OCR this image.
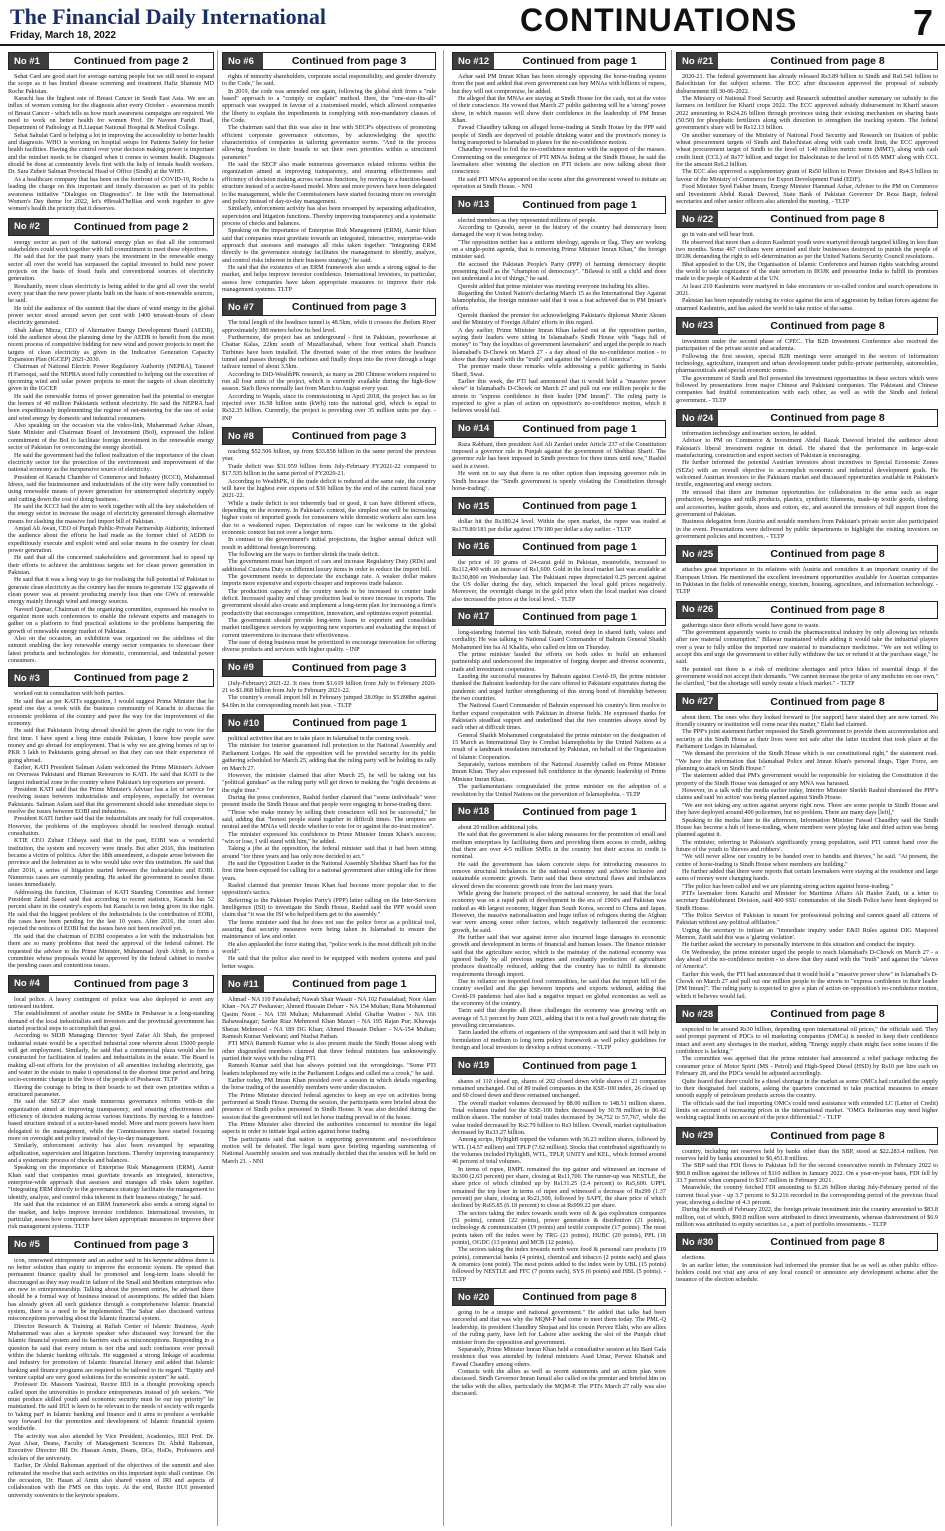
The Financial Daily International
Friday, March 18, 2022	CONTINUATIONS	7
No #1	Continued from page 2

Sehat Card are good start for average earning people but we still need to expand the scope as it has limited disease screening and treatment Hafiz Shamsie MD Roche Pakistan.

Karachi has the highest rate of Breast Cancer in South East Asia. We see an influx of women coming for the diagnosis after every October - awareness month of Breast Cancer - which tells us how much awareness campaigns are required. We need to work on better health for women Prof. Dr Naveen Faridi Head, Department of Pathology at H.Liaquat National Hospital & Medical College.

Sehat Sahulat Card is helping a lot in improving the accessibility to better health and diagnosis. WHO is working on hospital setups for Patients Safety for better health facilities. Having the control over your decision making power is important and the mindset needs to be changed when it comes to women health. Diagnosis should be done at community levels first with the help of female health workers. Dr. Sara Zubeir Salman Provincial Head of Office (Sindh) at the WHO.

As a healthcare company that has been on the forefront of COVID-19, Roche is leading the charge on this important and timely discussion as part of its public awareness initiative "Dialogue on Diagnostics". In line with the International Women's Day theme for 2022, let's #BreakTheBias and work together to give women's health the priority that it deserves.

No #2	Continued from page 2

energy sector as part of the national energy plan so that all the concerned stakeholders could work together with full commitment to meet these objectives.

He said that for the past many years the investment in the renewable energy sector all over the world has surpassed the capital invested to build new power projects on the basis of fossil fuels and conventional sources of electricity generation.

Resultantly, more clean electricity is being added to the grid all over the world every year than the new power plants built on the basis of non-renewable sources, he said.

He told the audience of the summit that the share of wind energy in the global power sector stood around seven per cent with 1400 terawatt-hours of clean electricity generated.

Shah Jahan Mirza, CEO of Alternative Energy Development Board (AEDB), told the audience about the planning done by the AEDB to benefit from the most recent process of competitive bidding for new wind and power projects to meet the targets of clean electricity as given in the Indicative Generation Capacity Expansion Plan (IGCEP) 2021-2030.

Chairman of National Electric Power Regulatory Authority (NEPRA), Tauseef H Farooqui, said the NEPRA stood fully committed to helping out the execution of upcoming wind and solar power projects to meet the targets of clean electricity given in the IGCEP.

He said the renewable forms of power generation had the potential to energize the homes of 40 million Pakistanis without electricity. He said the NEPRA had been expeditiously implementing the regime of net-metering for the use of solar and wind energy by domestic and industrial consumers.

Also speaking on the occasion via the video-link, Muhammad Azhar Ahsan, State Minister and Chairman Board of Investment (BoI), expressed the fullest commitment of the BoI to facilitate foreign investment in the renewable energy sector of Pakistan for overcoming the energy shortfall.

He said the government had the fullest realization of the importance of the clean electricity sector for the protection of the environment and improvement of the national economy as the inexpensive source of electricity.

President of Karachi Chamber of Commerce and Industry (KCCI), Muhammad Idrees, said the businessmen and industrialists of the city were fully committed to using renewable means of power generation for uninterrupted electricity supply and cutting down the cost of doing business.

He said the KCCI had the aim to work together with all the key stakeholders of the energy sector to increase the usage of electricity generated through alternative means for slashing the massive fuel import bill of Pakistan.

Amjad Ali Awan, CEO of Punjab Public-Private Partnership Authority, informed the audience about the efforts he had made as the former chief of AEDB to expeditiously execute and exploit wind and solar means in the country for clean power generation.

He said that all the concerned stakeholders and government had to speed up their efforts to achieve the ambitious targets set for clean power generation in Pakistan.

He said that it was a long way to go for realising the full potential of Pakistan to generate clean electricity as the country has the means to generate 132 gigawatts of clean power was at present producing merely less than one GWs of renewable energy mainly through wind and energy sources.

Naveed Qamar, Chairman of the organizing committee, expressed his resolve to organize more such conferences to enable the relevant experts and managers to gather on a platform to find practical solutions to the problems hampering the growth of renewable energy market of Pakistan.

Also on the occasion, an exhibition was organized on the sidelines of the summit enabling the key renewable energy sector companies to showcase their latest products and technologies for domestic, commercial, and industrial power consumers.

No #3	Continued from page 2

worked out in consultation with both parties.

He said that as per KATI's suggestion, I would suggest Prime Minister that he spend one day a week with the business community of Karachi to discuss the economic problems of the country and pave the way for the improvement of the economy.

He said that Pakistanis living abroad should be given the right to vote for the first time. I have spent a long time outside Pakistan, I know how people save money and go abroad for employment. That is why we are giving homes of up to PKR 3 lakh to Pakistanis going abroad so that they can use their experience of going abroad.

Earlier, KATI President Salman Aslam welcomed the Prime Minister's Adviser on Overseas Pakistani and Human Resources to KATI. He said that KATI is the largest industrial zone in the country where Pakistan's top exporters are present.

President KATI said that the Prime Minister's Adviser has a lot of service for resolving issues between industrialists and employees, especially for overseas Pakistanis. Salman Aslam said that the government should take immediate steps to resolve the issues between EOBI and industries.

President KATI further said that the industrialists are ready for full cooperation. However, the problems of the employees should be resolved through mutual consultation.

KTIE CEO Zubair Chhaya said that in the past, EOBI was a wonderful institution, the system and recovery were timely. But after 2016, this institution became a victim of politics. After the 18th amendment, a dispute arose between the province and the federation as to who would take over this institution. He said that after 2016, a series of litigation started between the industrialists and EOBI. Numerous cases are currently pending. He asked the government to resolve these issues immediately.

Addressing the function, Chairman of KATI Standing Committee and former President Zahid Saeed said that according to recent statistics, Karachi has 52 percent share in the country's exports but Karachi is not being given its due right. He said that the biggest problem of the industrialists is the contribution of EOBI, the cases have been pending for the last 10 years. After 2016, the court also rejected the notices of EOBI but the issues have not been resolved yet.

He said that the chairman of EOBI cooperates a lot with the industrialists but there are so many problems that need the approval of the federal cabinet. He requested the advisor to the Prime Minister, Muhammad Ayub Afridi, to form a committee whose proposals would be approved by the federal cabinet to resolve the pending cases and contentious issues.

No #4	Continued from page 3

local police. A heavy contingent of police was also deployed to avert any untoward incident.

The establishment of another estate for SMEs in Peshawar is a long-standing demand of the local industrialists and investors and the provincial government has started practical steps to accomplish that goal.

According to SIDB Managing Director Syed Zafar Ali Shah, the proposed industrial estate would be a specified industrial zone wherein about 15000 people will get employment. Similarly, he said that a commercial plaza would also be constructed for facilitation of traders and industrialists in the estate. The Board is making all-out efforts for the provision of all amenities including electricity, gas and water in the estate to make it operational in the shortest time period and bring socio-economic change in the lives of the people of Peshawar. TLTP

Having the courage to bring in their boards to set their own priorities within a structured parameter.

He said the SECP also made numerous governance reforms with-in the organization aimed at improving transparency, and ensuring effectiveness and efficiency of decision making across various functions. By moving to a function-based structure instead of a sector-based model. More and more powers have been delegated to the management, while the Commissioners have started focusing more on oversight and policy instead of day-to-day management.

Similarly, enforcement activity has also been revamped by separating adjudication, supervision and litigation functions. Thereby improving transparency and a systematic process of checks and balances.

Speaking on the importance of Enterprise Risk Management (ERM), Aamir Khan said that companies must gravitate towards an integrated, interactive, enterprise-wide approach that assesses and manages all risks taken together. "Integrating ERM directly to the governance strategy facilitates the management to identify, analyze, and control risks inherent in their business strategy," he said.

He said that the existence of an ERM framework also sends a strong signal to the market, and helps improve investor confidence. International investors, in particular, assess how companies have taken appropriate measures to improve their risk management systems. TLTP

No #5	Continued from page 3

icon, renowned entrepreneur and an author said in his keynote address there is no better solution than equity to improve the economic system. He opined that permanent finance quality shall be promoted and long-term loans should be discouraged as they may result in failure of the Small and Medium enterprises who are new to entrepreneurship. Talking about the present entries, he advised there should be a formal way of business instead of assumptions. He added that Islam has already given all such guidance through a comprehensive Islamic financial system, there is a need to be implemented. The Sahar also discussed various misconceptions prevailing about the Islamic financial system.

Director Research & Training at Rafiah Center of Islamic Business, Ayub Muhammad was also a keynote speaker who discussed way forward for the Islamic financial system and its barriers such as misconceptions. Responding to a question he said that every return is not riba and such confusions over prevail within the Islamic banking officials. He suggested a strong linkage of academia and industry for promotion of Islamic financial literacy and added that Islamic banking and finance programs are required to be tailored to its regard. "Equity and venture capital are very good solutions for the economic system" he said.

Professor Dr. Masoom Yasinzai, Rector IIUI in a thought provoking speech called upon the universities to produce entrepreneurs instead of job seekers. "We must produce skilled youth and economic security must be our top priority" he maintained. He said IIUI is keen to be relevant to the needs of society with regards to 'taking part' in Islamic banking and finance and it aims to produce a workable way forward for the promotion and development of Islamic financial system worldwide.

The activity was also attended by Vice President, Academics, IIUI Prof. Dr. Ayaz Afsar, Deans, Faculty of Management Sciences Dr. Abdul Rahoman, Executive Director IRI Dr. Hassan Amin, Deans, DGs, HoDs, Professors and scholars of the university.

Earlier, Dr Abdul Rahoman apprised of the objectives of the summit and also reiterated the resolve that such activities on this important topic shall continue. On the occasion, Dr. Hasan al Amin also shared vision of IRI and aspects of collaboration with the FMS on this topic. At the end, Rector IIUI presented university souvenirs to the keynote speakers.

No #6	Continued from page 3

rights of minority shareholders, corporate social responsibility, and gender diversity to the Code," he said.

In 2019, the code was amended one again, following the global shift from a "rule based" approach to a "comply or explain" method. Here, the "one-size-fits-all" approach was swapped in favour of a customised model, which allowed companies the liberty to explain the impediments in complying with non-mandatory clauses of the Code.

The chairman said that this was also in line with SECP's objectives of promoting efficient corporate governance outcomes, by acknowledging the specific characteristics of companies in tailoring governance norms. "And in the process allowing freedom to their boards to set their own priorities within a structured parameter."

He said the SECP also made numerous governance related reforms within the organization aimed at improving transparency, and ensuring effectiveness and efficiency of decision making across various functions, by moving to a function-based structure instead of a sector-based model. More and more powers have been delegated to the management, while the Commissioners have started focusing more on oversight and policy instead of day-to-day management.

Similarly, enforcement activity has also been revamped by separating adjudication, supervision and litigation functions. Thereby improving transparency and a systematic process of checks and balances.

Speaking on the importance of Enterprise Risk Management (ERM), Aamir Khan said that companies must gravitate towards an integrated, interactive, enterprise-wide approach that assesses and manages all risks taken together. "Integrating ERM directly to the governance strategy facilitates the management to identify, analyze, and control risks inherent in their business strategy," he said.

He said that the existence of an ERM framework also sends a strong signal to the market, and helps improve investor confidence. International investors, in particular, assess how companies have taken appropriate measures to improve their risk management systems. TLTP

No #7	Continued from page 3

The total length of the headrace tunnel is 48.5km, while it crosses the Jhelum River approximately 380 meters below its bed level.

Furthermore, the project has an underground - first in Pakistan, powerhouse at Chattar Kalas, 22km south of Muzaffarabad, where four vertical shaft Francis Turbines have been installed. The diverted water of the river enters the headrace tunnel and passes through the turbines and finally drops into the river through a huge tailrace tunnel of about 3.5km.

According to DiD-WealthPK research, as many as 280 Chinese workers required to run all four units of the project, which is currently available during the high-flow season. Such flows normally last from March to August every year.

According to Wapda, since its commissioning in April 2018, the project has so far injected over 16.58 billion units (kWh) into the national grid, which is equal to Rs32.35 billion. Currently, the project is providing over 35 million units per day. - INP

No #8	Continued from page 3

reaching $52.506 billion, up from $33.858 billion in the same period the previous year.

Trade deficit was $31.959 billion from July-February FY2021-22 compared to $17.535 billion in the same period of FY2020-21.

According to WealthPK, if the trade deficit is reduced at the same rate, the country will have the highest ever exports of $30 billion by the end of the current fiscal year 2021-22.

While a trade deficit is not inherently bad or good, it can have different effects, depending on the economy. In Pakistan's context, the simplest one will be increasing higher costs of imported goods for consumers while domestic workers also earn less due to a weakened rupee. Depreciation of rupee can be welcome in the global economic context but not over a longer term.

In contrast to the government's initial projections, the higher annual deficit will result in additional foreign borrowing.

The following are the ways to further shrink the trade deficit.

The government must ban import of cars and increase Regulatory Duty (RDs) and additional Customs Duty on different luxury items in order to reduce the import bill.

The government needs to depreciate the exchange rate. A weaker dollar makes imports more expensive and exports cheaper and improves trade balance.

The production capacity of the country needs to be increased to counter trade deficit. Increased quality and cheap production lead to more increase in exports. The government should also create and implement a long-term plan for increasing a firm's productivity that encourages competition, innovation, and optimizes export potential.

The government should provide long-term loans to exporters and consolidate market intelligence services by supporting new exporters and evaluating the impact of current interventions to increase their effectiveness.

The ease of doing business must be prioritized to encourage innovation for offering diverse products and services with higher quality. - INP

No #9	Continued from page 3

(July-February) 2021-22. It rises from $1.619 billion from July to February 2020-21 to $1.868 billion from July to February 2021-22.

The country's overall import bill in February jumped 28.09pc to $5.898bn against $4.6bn in the corresponding month last year. - TLTP

No #10	Continued from page 1

political activities that are to take place in Islamabad in the coming week.

The minister for interior guaranteed full protection to the National Assembly and Parliament Lodges. He said the opposition will be provided security for its public gathering scheduled for March 25, adding that the ruling party will be holding its rally on March 27.

However, the minister claimed that after March 25, he will be taking out his "political gundaas" as the ruling party will get down to making the "right decisions at the right time."

During the press conference, Rashid further claimed that "some individuals" were present inside the Sindh House and that people were engaging in horse-trading there.

"Those who make money by selling their conscience will not be successful," he said, adding that "honest people stand together in difficult times. The umpires are neutral and the MNAs will decide whether to vote for or against the no-trust motion".

The minister expressed his confidence in Prime Minister Imran Khan's success; "win or lose, I will stand with him," he added.

Taking a jibe at the opposition, the federal minister said that it had been sitting around "for three years and has only now decided to act."

He said the Opposition Leader in the National Assembly Shehbaz Sharif has for the first time been exposed for calling for a national government after sitting idle for three years.

Rashid claimed that premier Imran Khan had become more popular due to the opposition's tactics.

Referring to the Pakistan Peoples Party's (PPP) latter calling on the Inter-Services Intelligence (ISI) to investigate the Sindh House, Rashid said the PPP would soon claim that "it was the ISI who helped them get to the assembly."

The home minister said that he does not use the police force as a political tool, assuring that security measures were being taken in Islamabad to ensure the maintenance of law and order.

He also applauded the force stating that, "police work is the most difficult job in the world".

He said that the police also need to be equipped with modern systems and paid better wages.

No #11	Continued from page 1

Ahmad - NA 110 Faisalabad; Nawab Shair Wasair - NA 102 Faisalabad; Noor Alam Khan - NA 27 Peshawar; Ahmed Hussain Deharr - NA 154 Multan; Rana Mohammad Qasim Noon - NA 159 Multan; Muhammad Abdul Ghaffar Wattoo - NA 166 Bahawalnagar; Sardar Riaz Mehmood Khan Mazari - NA 195 Rajan Pur; Khawaja Sheraz Mehmood - NA 189 DG Khan; Ahmed Hussain Deharr - NA-154 Multan; Ramesh Kumar Vankwani; and Nuzhat Pathan.

PTI MNA Ramesh Kumar who is also present inside the Sindh House along with other disgruntled members claimed that three federal ministers has unknowingly partied their ways with the ruling PTI.

Ramesh Kumar said that has always pointed out the wrongdoings. "Some PTI leaders telephoned my wife in the Parliament Lodges and called me a crook," he said.

Earlier today, PM Imran Khan presided over a session in which details regarding the horse trading of the assembly members were under discussion.

The Prime Minister directed federal agencies to keep an eye on activities being performed at Sindh House. During the session, the participants were briefed about the presence of Sindh police personnel in Sindh House. It was also decided during the session that the government will not let horse trading prevail in of the house.

The Prime Minister also directed the authorities concerned to monitor the legal aspects in order to initiate legal action against horse trading.

The participants said that nation is supporting government and no-confidence motion will be defeated. The legal team gave briefing regarding summoning of National Assembly session and was mutually decided that the session will be held on March 21. - NNI

No #12	Continued from page 1

Azhar said PM Imran Khan has been strongly opposing the horse-trading system from the past and added that even government can buy MNAs with billions of rupees, but they will not compromise, he added.

He alleged that the MNAs are staying at Sindh House for the cash, not at the voice of their conscience. He vowed that March 27 public gathering will be a 'strong' power show, in which masses will show their confidence in the leadership of PM Imran Khan.

Fawad Chaudhry talking on alleged horse-trading at Sindh House by the PPP said people of Sindh are deprived of potable drinking water and the province's money is being transported to Islamabad in planes for the no-confidence motion.

Chaudhry vowed to foil the no-confidence motion with the support of the masses. Commenting on the emergence of PTI MNAs hiding at the Sindh House, he said the lawmakers after winning the election on PTI tickets are now talking about their conscience.

He said PTI MNAs appeared on the scene after the government vowed to initiate an operation at Sindh House. - NNI

No #13	Continued from page 1

elected members as they represented millions of people.

According to Qureshi, never in the history of the country had democracy been damaged the way it was being today.

"The opposition neither has a uniform ideology, agenda or flag. They are working on a single-point agenda, that is removing Prime Minister Imran Khan," the foreign minister said.

He accused the Pakistan People's Party (PPP) of harming democracy despite presenting itself as the "champion of democracy". "Bilawal is still a child and does not understand a lot of things," he said.

Qureshi added that prime minister was meeting everyone including his allies.

Regarding the United Nation's declaring March 15 as the International Day Against Islamophobia, the foreign minister said that it was a feat achieved due to PM Imran's efforts.

Qureshi thanked the premier for acknowledging Pakistan's diplomat Munir Akram and the Ministry of Foreign Affairs' efforts in this regard.

A day earlier, Prime Minister Imran Khan lashed out at the opposition parties, saying their leaders were sitting in Islamabad's Sindh House with "bags full of money" to "buy the loyalties of government lawmakers" and urged the people to reach Islamabad's D-Chowk on March 27 - a day ahead of the no-confidence motion - to show that they stand with the "truth" and against the "slaves of America".

The premier made these remarks while addressing a public gathering in Saidu Sharif, Swat.

Earlier this week, the PTI had announced that it would hold a "massive power show" in Islamabad's D-Chowk on March 27 and pull out one million people to the streets to "express confidence in their leader [PM Imran]". The ruling party is expected to give a plan of action on opposition's no-confidence motion, which it believes would fail.

No #14	Continued from page 1

Raza Rabbani, then president Asif Ali Zardari under Article 237 of the Constitution imposed a governor rule in Punjab against the government of Shehbaz Sharif. The governor rule has been imposed in Sindh province for three times until now," Rashid said in a tweet.

He went on to say that there is no other option than imposing governor rule in Sindh because the "Sindh government is openly violating the Constitution through horse-trading".

No #15	Continued from page 1

dollar hit the Rs180.24 level. Within the open market, the rupee was traded at Rs179.80/181 per dollar against 179/180 per dollar a day earlier. - TLTP

No #16	Continued from page 1

the price of 10 grams of 24-carat gold in Pakistan, meanwhile, increased to Rs112,400 with an increase of Rs1,600. Gold in the local market last was available at Rs130,800 on Wednesday last. The Pakistani rupee depreciated 0.25 percent against the US dollar during the day, which impacted the local gold prices negatively. Moreover, the overnight change in the gold price when the local market was closed also increased the prices at the local level. - TLTP

No #17	Continued from page 1

long-standing fraternal ties with Bahrain, rooted deep in shared faith, values and cordiality. He was talking to National Guard Commander of Bahrain General Shaikh Mohammed bin Isa Al Khalifa, who called on him on Thursday.

The prime minister lauded the efforts on both sides to build an enhanced partnership and underscored the imperative of forging deeper and diverse economic, trade and investment cooperation.

Lauding the successful measures by Bahrain against Covid-19, the prime minister thanked the Bahraini leadership for the care offered to Pakistani expatriates during the pandemic and urged further strengthening of this strong bond of friendship between the two countries.

The National Guard Commander of Bahrain expressed his country's firm resolve to further expand cooperation with Pakistan in diverse fields. He expressed thanks for Pakistan's steadfast support and underlined that the two countries always stood by each other at difficult times.

General Shaikh Mohammed congratulated the prime minister on the designation of 15 March as International Day to Combat Islamophobia by the United Nations as a result of a landmark resolution introduced by Pakistan, on behalf of the Organization of Islamic Cooperation.

Separately, various members of the National Assembly called on Prime Minister Imran Khan. They also expressed full confidence in the dynamic leadership of Prime Minister Imran Khan.

The parliamentarians congratulated the prime minister on the adoption of a resolution by the United Nations on the prevention of Islamophobia. - TLTP

No #18	Continued from page 1

about 20 million additional jobs.

He said that the government is also taking measures for the promotion of small and medium enterprises by facilitating them and providing them access to credit, adding that there are over 4-5 million SMEs in the country but their access to credit is nominal.

He said the government has taken concrete steps for introducing measures to remove structural imbalances in the national economy and achieve inclusive and sustainable economic growth. Tarin said that these structural flaws and imbalances slowed down the economic growth rate from the last many years.

While giving the historic prospect of the national economy, he said that the local economy was on a rapid path of development in the era of 1960's and Pakistan was ranked as 4th largest economy, bigger than South Korea, second to China and Japan. However, the massive nationalisation and huge influx of refugees during the Afghan war were among some other factors, which negatively influenced the economic growth, he said.

He further said that war against terror also incurred huge damages to economic growth and development in terms of financial and human losses. The finance minister said that the agriculture sector, which is the mainstay of the national economy was ignored badly by all previous regimes and resultantly production of agriculture produces drastically reduced, adding that the country has to fulfill its domestic requirements through import.

Due to reliance on imported food commodities, he said that the import bill of the country swelled and the gap between imports and exports widened, adding that Covid-19 pandemic had also had a negative impact on global economies as well as the economy of the country.

Tarin said that despite all these challenges the economy was growing with an average of 5.1 percent by June 2021, adding that it is not a bad growth rate during the prevailing circumstances.

Tarin lauded the efforts of organisers of the symposium and said that it will help in formulation of medium to long term policy framework as well policy guidelines for foreign and local investors to develop a robust economy. - TLTP

No #19	Continued from page 1

shares of 110 closed up, shares of 202 closed down while shares of 23 companies remained unchanged. Out of 89 traded companies in the KSE-100 index, 26 closed up and 60 closed down and three remained unchanged.

The overall market volumes decreased by 88.00 million to 148.51 million shares. Total volumes traded for the KSE-100 Index decreased by 30.78 million to 86.42 million shares. The number of total trades decreased by 34,752 to 57,767, while the value traded decreased by Rs2.79 billion to Rs3 billion. Overall, market capitalisation decreased by Rs33.27 billion.

Among scrips, HyltighB topped the volumes with 36.23 million shares, followed by WTL (14.57 million) and TPLP (7.62 million). Stocks that contributed significantly to the volumes included HyltighB, WTL, TPLP, UNITY and KEL, which formed around 46 percent of total volumes.

In terms of rupee, RMPL remained the top gainer and witnessed an increase of Rs300 (2.63 percent) per share, closing at Rs11,700. The runner-up was NESTLE, the share price of which climbed up by Rs131.25 (2.4 percent) to Rs5,600. UPFL remained the top loser in terms of rupee and witnessed a decrease of Rs299 (1.37 percent) per share, closing at Rs21,500, followed by SAPT, the share price of which declined by Rs65.85 (6.18 percent) to close at Rs999.22 per share.

The sectors taking the index towards south were oil & gas exploration companies (51 points), cement (22 points), power generation & distribution (21 points), technology & communication (19 points) and textile composite (17 points). The most points taken off the index were by TRG (21 points), HUBC (20 points), PPL (18 points), OGDC (13 points) and MCB (12 points).

The sectors taking the index towards north were food & personal care products (19 points), commercial banks (4 points), chemical and tobacco (2 points each) and glass & ceramics (one point). The most points added to the index were by UBL (15 points) followed by NESTLE and FFC (7 points each), SYS (6 points) and HBL (5 points). - TLTP

No #20	Continued from page 8

going to be a unique and national government." He added that talks had been successful and that was why the MQM-P had come to meet them today. The PML-Q leadership, its president Chaudhry Shujaat and his cousin Pervez Elahi, who are allies of the ruling party, have left for Lahore after seeking the slot of the Punjab chief minister from the opposition and government.

Separately, Prime Minister Imran Khan held a consultative session at his Bani Gala residence that was attended by federal ministers Asad Umar, Pervez Khattak and Fawad Chaudhry among others.

Contacts with the allies as well as recent statements and an action plan were discussed. Sindh Governor Imran Ismail also called on the premier and briefed him on the talks with the allies, particularly the MQM-P. The PTI's March 27 rally was also discussed.

No #21	Continued from page 8

2020-21. The federal government has already released Rs3.89 billion to Sindh and Rs0.541 billion to Balochistan for the subject scheme. The ECC after discussion approved the proposal of subsidy disbursement till 30-06-2022.

The Ministry of National Food Security and Research submitted another summary on subsidy to the farmers on fertilizer for Kharif crops 2022. The ECC approved subsidy disbursement in Kharif season 2022 amounting to Rs24.26 billion through provinces using their existing mechanism on sharing basis (50:50) for phosphatic fertilizers along with direction to strengthen the tracking system. The federal government's share will be Rs12.13 billion.

On another summary of the Ministry of National Food Security and Research on fixation of public wheat procurement targets of Sindh and Balochistan along with cash credit limit, the ECC approved wheat procurement target of Sindh to the level of 1.40 million metric tonne (MMT), along with cash credit limit (CCL) of Rs77 billion and target for Balochistan to the level of 0.05 MMT along with CCL for the amount Rs6.2 billion.

The ECC also approved a supplementary grant of Rs50 billion to Power Division and Rs4.5 billion in favour of the Ministry of Commerce for Export Development Fund (EDF).

Food Minister Syed Fakhar Imam, Energy Minister Hammad Azhar, Adviser to the PM on Commerce and Investment Abdul Razak Dawood, State Bank of Pakistan Governor Dr Reza Baqir, federal secretaries and other senior officers also attended the meeting. - TLTP

No #22	Continued from page 8

go in vain and will bear fruit.

He observed that more than a dozen Kashmiri youth were martyred through targeted killing in less than two months. Some 467 civilians were arrested and their businesses destroyed to punish the people of IIOJK demanding the right to self-determination as per the United Nations Security Council resolutions.

Bhat appealed to the UN, the Organisation of Islamic Conference and human rights watchdog around the world to take cognizance of the state terrorism in IIOJK and pressurise India to fulfill its promises made to the people of Kashmir at the UN.

At least 210 Kashmiris were martyred in fake encounters or so-called cordon and search operations in 2021.

Pakistan has been repeatedly raising its voice against the acts of aggression by Indian forces against the unarmed Kashmiris, and has asked the world to take notice of the same.

No #23	Continued from page 8

investment under the second phase of CPEC. The B2B Investment Conference also received the participation of the private sector and academia.

Following the first session, special B2B meetings were arranged in the sectors of information technology, agriculture, transport and urban development under public-private partnership, automobiles, pharmaceuticals and special economic zones.

The government of Sindh and BoI presented the investment opportunities in these sectors which were followed by presentations from major Chinese and Pakistani companies. The Pakistani and Chinese companies had fruitful communication with each other, as well as with the Sindh and federal government. - TLTP

No #24	Continued from page 8

information technology and tourism sectors, he added.

Advisor to PM on Commerce & Investment Abdul Razak Dawood briefed the audience about Pakistan's liberal investment regime in detail. He shared that the performance in large-scale manufacturing, construction and export sectors of Pakistan is encouraging.

He further informed the potential Austrian investors about incentives in Special Economic Zones (SEZs) with an overall objective to accomplish economic and industrial development goals. He welcomed Austrian investors to the Pakistani market and discussed opportunities available in Pakistan's textile, engineering and energy sectors.

He stressed that there are immense opportunities for collaboration in the areas such as sugar production, beverages and milk products, plastics, synthetic filaments, made-up textile goods, clothing and accessories, leather goods, shoes and cotton, etc, and assured the investors of full support from the government of Pakistan.

Business delegation from Austria and notable members from Pakistan's private sector also participated in the event. Presentations were delivered by public departments to highlight the visiting investors on government policies and incentives. - TLTP

No #25	Continued from page 8

attaches great importance to its relations with Austria and considers it an important country of the European Union. He mentioned the excellent investment opportunities available for Austrian companies in Pakistan in the fields of renewable energy, tourism, housing, agriculture, and information technology. - TLTP

No #26	Continued from page 8

gatherings since their efforts would have gone to waste.

"The government apparently wants to crush the pharmaceutical industry by only allowing tax refunds after raw material consumption," Bilawar maintained while adding it would take the industrial players over a year to fully utilise the imported raw material to manufacture medicines. "We are not willing to accept this and urge the government to either fully withdraw the tax or refund it at the purchase stage," he said.

He pointed out there is a risk of medicine shortages and price hikes of essential drugs if the government would not accept their demands. "We cannot increase the price of any medicine on our own," he clarified, "but the shortage will surely create a black market." - TLTP

No #27	Continued from page 8

about them. The ones who they looked forward to [for support] have stated they are now turned. No friendly country or institution will come near this matter," Elahi had claimed.

The PPP's joint statement further requested the Sindh government to provide them accommodation and security at the Sindh House as their lives were not safe after the latter incident that took place at the Parliament Lodges in Islamabad.

"We demand the provision of the Sindh House which is our constitutional right," the statement read. "We have the information that Islamabad Police and Imran Khan's personal thugs, Tiger Force, are planning to attack on Sindh House."

The statement added that PM's government would be responsible for violating the Constitution if the property of the Sindh House was damaged or any MNA was harassed.

However, in a talk with the media earlier today, Interior Minister Sheikh Rashid dismissed the PPP's claims and said 'no action' was being planned against Sindh House.

"We are not taking any action against anyone right now. There are some people in Sindh House and they have deployed around 400 policemen, but no problem. There are many days [left],"

Speaking to the media later in the afternoon, Information Minister Fawad Chaudhry said the Sindh House has become a hub of horse-trading, where members were playing fake and dried action was being planned against it.

The minister, referring to Pakistan's significantly young population, said PTI cannot hand over the future of the youth to 'thieves and robbers'.

"We will never allow our country to be handed over to bandits and thieves," he said. "At present, the centre of horse-trading is Sindh House where members are building."

He further added that there were reports that certain lawmakers were staying at the residence and large sums of money were changing hands.

"The police has been called and we are planning strong action against horse-trading."

PTI's lawmaker from Karachi and Minister for Maritime Affairs Ali Haider Zaidi, in a letter to secretary Establishment Division, said 400 SSU commandos of the Sindh Police have been deployed to Sindh House.

"The Police Service of Pakistan is meant for professional policing and cannot guard all citizens of Pakistan without any political affiliation."

Urging the secretary to initiate an "immediate inquiry under E&D Rules against DIG Maqsood Memon, Zaidi said this was a 'glaring violation'.

He further asked the secretary to personally intervene in this situation and conduct the inquiry.

On Wednesday, the prime minister urged the people to reach Islamabad's D-Chowk on March 27 - a day ahead of the no-confidence motion - to show that they stand with the "truth" and against the "slaves of America".

Earlier this week, the PTI had announced that it would hold a "massive power show" in Islamabad's D-Chowk on March 27 and pull out one million people to the streets to "express confidence in their leader [PM Imran]". The ruling party is expected to give a plan of action on opposition's no-confidence motion, which it believes would fail.

No #28	Continued from page 8

expected to be around Rs30 billion, depending upon international oil prices," the officials said. They said prompt payment of PDCs to oil marketing companies (OMCs) is needed to keep their confidence intact and avert any shortages in the market, adding "Energy supply chain might face some issues if the confidence is lacking."

The committee was apprised that the prime minister had announced a relief package reducing the consumer price of Motor Spirit (MS - Petrol) and High-Speed Diesel (HSD) by Rs10 per litre each on February 28, and the PDCs would be adjusted accordingly.

Quite feared that there could be a diesel shortage in the market as some OMCs had curtailed the supply to their designated fuel stations, asking the quarters concerned to take practical measures to ensure smooth supply of petroleum products across the country.

The officials said the fuel importing OMCs could need assistance with extended LC (Letter of Credit) limits on account of increasing prices in the international market. "OMCs Refineries may need higher working capital limits on account of the price differential." - TLTP

No #29	Continued from page 8

country, including net reserves held by banks other than the SBP, stood at $22.283.4 million. Net reserves held by banks amounted to $6,451.8 million.

The SBP said that FDI flows to Pakistan fell for the second consecutive month in February 2022 to $90.8 million against the inflows of $110 million in January 2022. On a year-on-year basis, FDI fell by 33.7 percent when compared to $137 million in February 2021.

Meanwhile, the country fetched FDI amounting to $1.26 billion during July-February period of the current fiscal year - up 3.7 percent to $1.216 recorded in the corresponding period of the previous fiscal year, showing a decline of 4.3 percent.

During the month of February 2022, the foreign private investment into the country amounted to $83.8 million, out of which, $90.8 million were attributed to direct investments, whereas disinvestment of $6.9 million was attributed to equity securities i.e., a part of portfolio investments. - TLTP

No #30	Continued from page 8

elections.

In an earlier letter, the commission had informed the premier that he as well as other public office-holders could not visit any area of any local council or announce any development scheme after the issuance of the election schedule.
